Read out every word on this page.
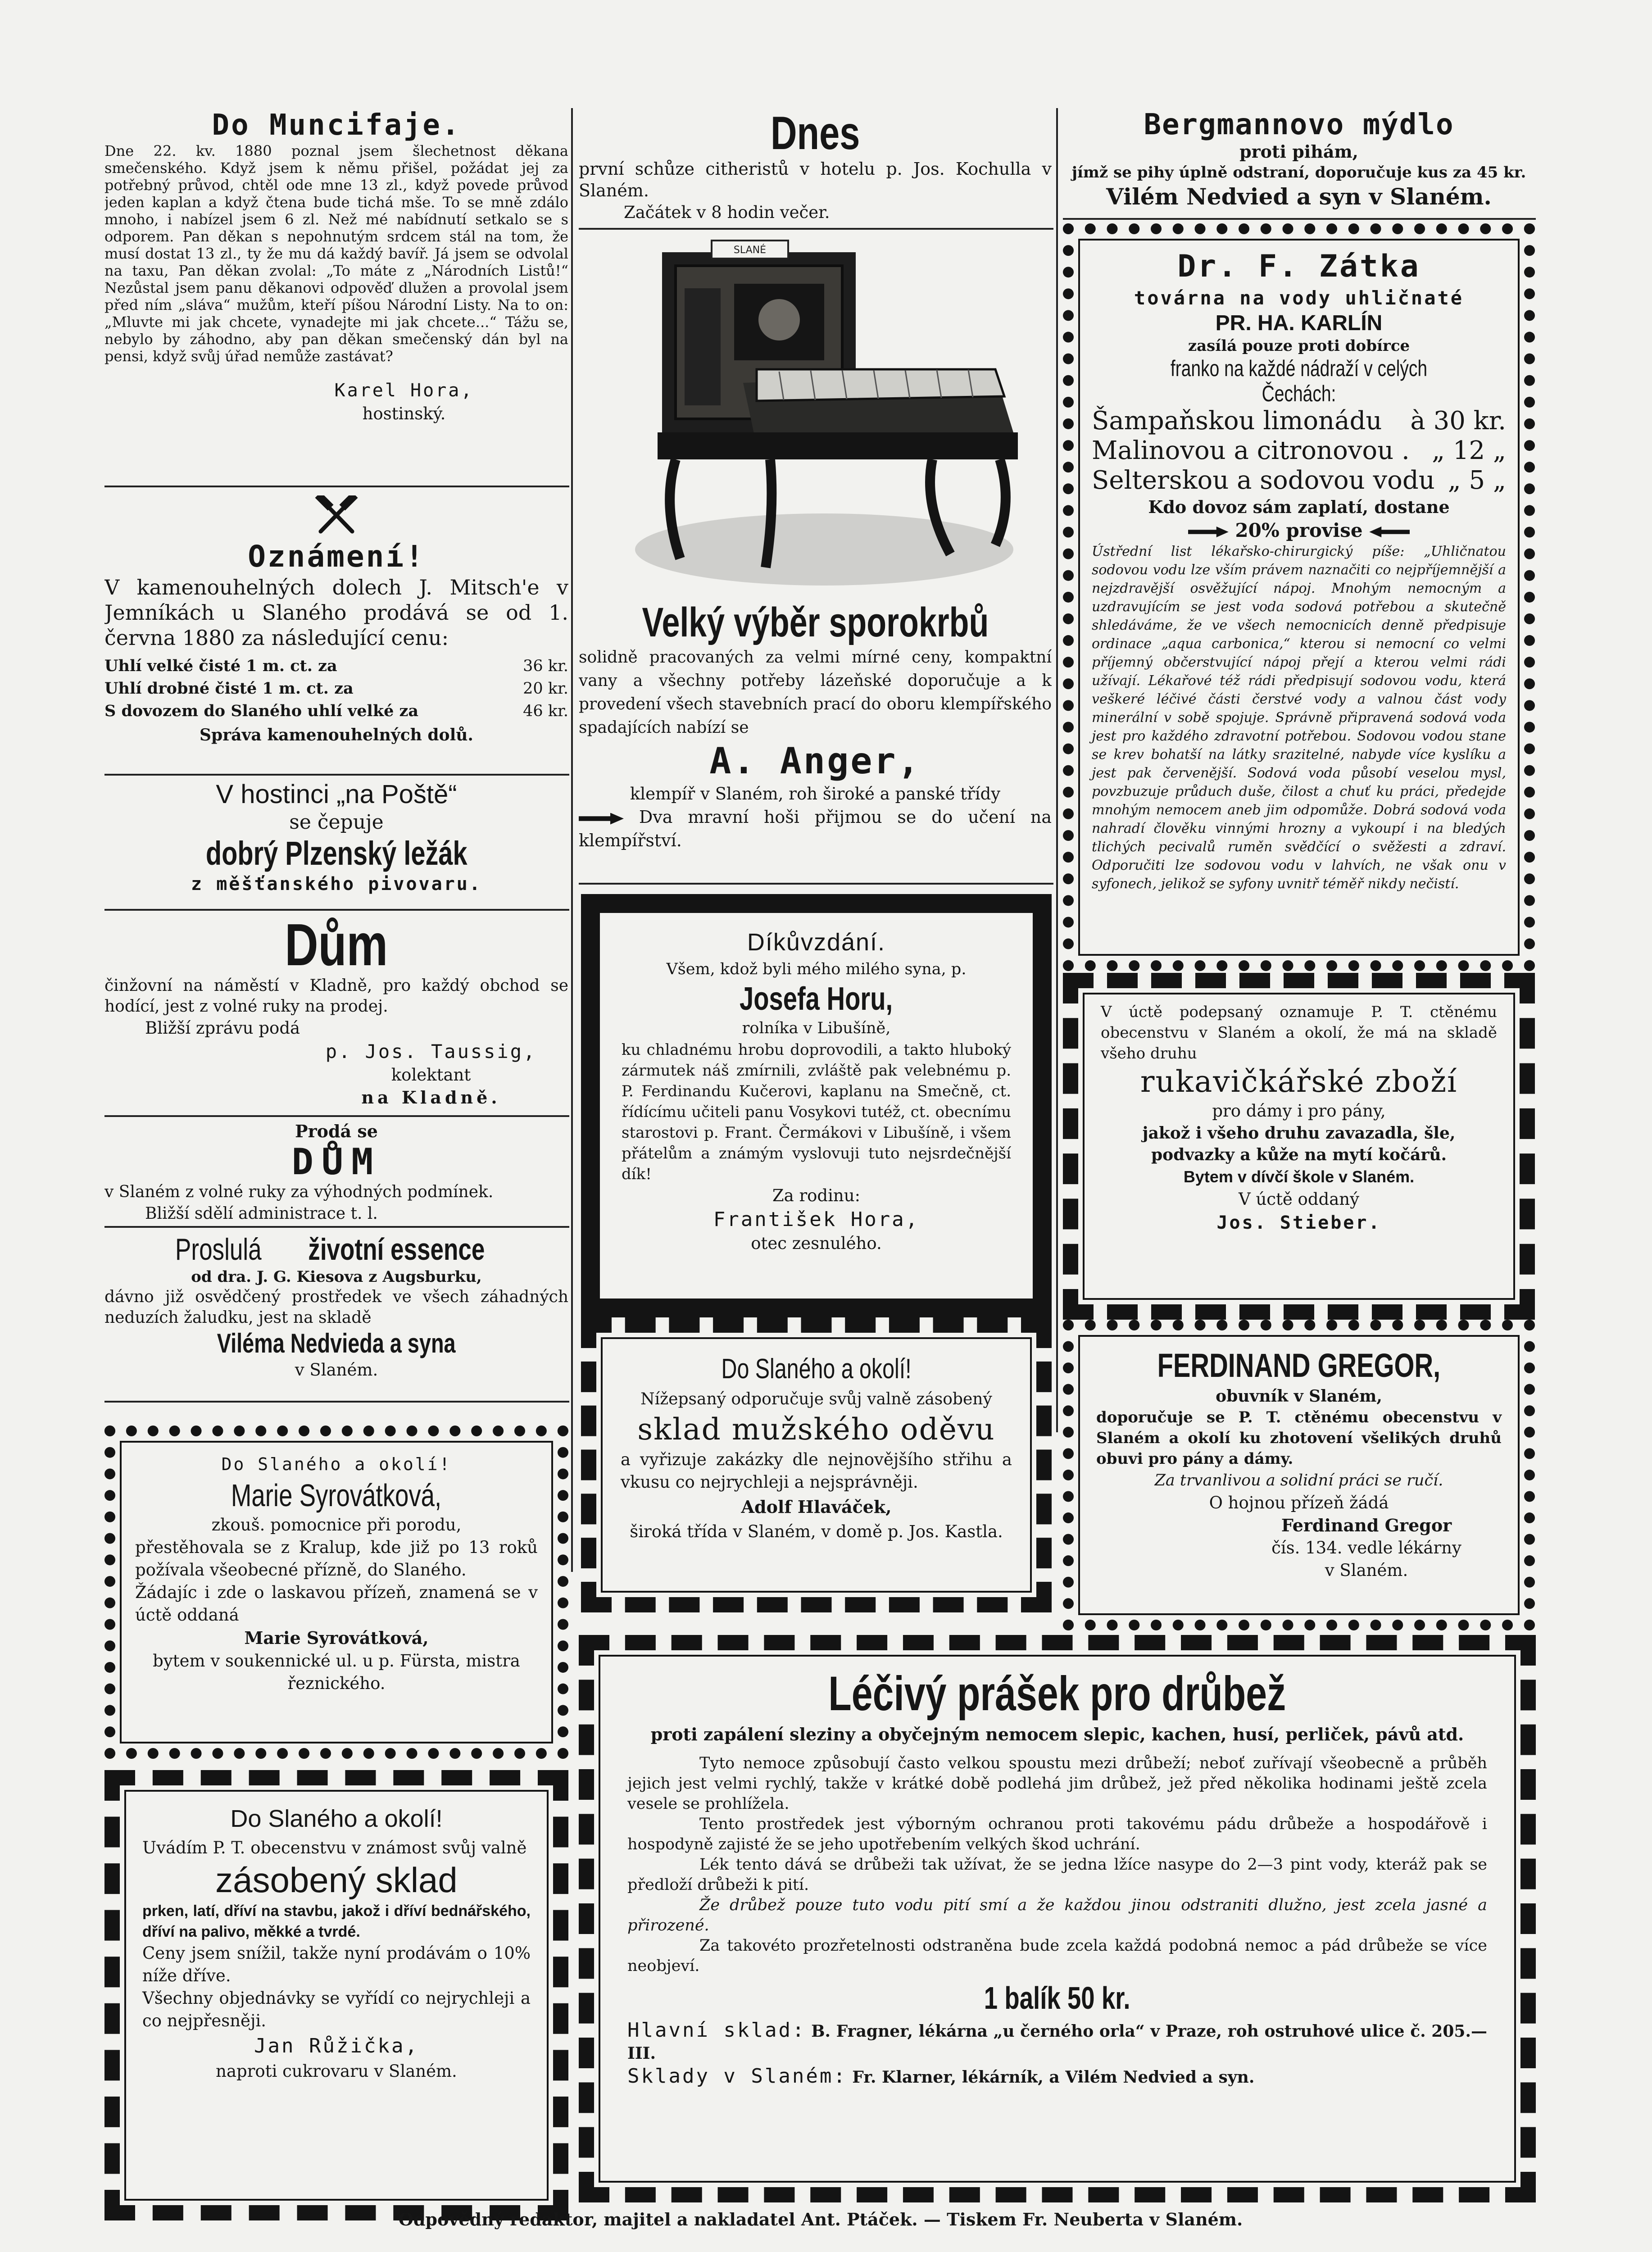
Do Muncifaje.
Dne 22. kv. 1880 poznal jsem šlechetnost děkana smečenského. Když jsem k němu přišel, požádat jej za potřebný průvod, chtěl ode mne 13 zl., když povede průvod jeden kaplan a když čtena bude tichá mše. To se mně zdálo mnoho, i nabízel jsem 6 zl. Než mé nabídnutí setkalo se s odporem. Pan děkan s nepohnutým srdcem stál na tom, že musí dostat 13 zl., ty že mu dá každý bavíř. Já jsem se odvolal na taxu, Pan děkan zvolal: „To máte z „Národních Listů!“ Nezůstal jsem panu děkanovi odpověď dlužen a provolal jsem před ním „sláva“ mužům, kteří píšou Národní Listy. Na to on: „Mluvte mi jak chcete, vynadejte mi jak chcete...“ Tážu se, nebylo by záhodno, aby pan děkan smečenský dán byl na pensi, když svůj úřad nemůže zastávat?
Karel Hora,
hostinský.
Oznámení!
V kamenouhelných dolech J. Mitsch'e v Jemníkách u Slaného prodává se od 1. června 1880 za následující cenu:
Uhlí velké čisté 1 m. ct. za	36 kr.
Uhlí drobné čisté 1 m. ct. za	20 kr.
S dovozem do Slaného uhlí velké za	46 kr.
Správa kamenouhelných dolů.
V hostinci „na Poště“
se čepuje
dobrý Plzenský ležák
z měšťanského pivovaru.
Dům
činžovní na náměstí v Kladně, pro každý obchod se hodící, jest z volné ruky na prodej.
Bližší zprávu podá
p. Jos. Taussig,
kolektant
na Kladně.
Prodá se
DŮM
v Slaném z volné ruky za výhodných podmínek.
Bližší sdělí administrace t. l.
Proslulá životní essence
od dra. J. G. Kiesova z Augsburku,
dávno již osvědčený prostředek ve všech záhadných neduzích žaludku, jest na skladě
Viléma Nedvieda a syna
v Slaném.
Do Slaného a okolí!
Marie Syrovátková,
zkouš. pomocnice při porodu,
přestěhovala se z Kralup, kde již po 13 roků požívala všeobecné přízně, do Slaného.
Žádajíc i zde o laskavou přízeň, znamená se v úctě oddaná
Marie Syrovátková,
bytem v soukennické ul. u p. Fürsta, mistra řeznického.
Do Slaného a okolí!
Uvádím P. T. obecenstvu v známost svůj valně
zásobený sklad
prken, latí, dříví na stavbu, jakož i dříví bednářského, dříví na palivo, měkké a tvrdé.
Ceny jsem snížil, takže nyní prodávám o 10% níže dříve.
Všechny objednávky se vyřídí co nejrychleji a co nejpřesněji.
Jan Růžička,
naproti cukrovaru v Slaném.
Dnes
první schůze citheristů v hotelu p. Jos. Kochulla v Slaném.
Začátek v 8 hodin večer.
SLANÉ
Velký výběr sporokrbů
solidně pracovaných za velmi mírné ceny, kompaktní vany a všechny potřeby lázeňské doporučuje a k provedení všech stavebních prací do oboru klempířského spadajících nabízí se
A. Anger,
klempíř v Slaném, roh široké a panské třídy
Dva mravní hoši přijmou se do učení na klempířství.
Díkůvzdání.
Všem, kdož byli mého milého syna, p.
Josefa Horu,
rolníka v Libušíně,
ku chladnému hrobu doprovodili, a takto hluboký zármutek náš zmírnili, zvláště pak velebnému p. P. Ferdinandu Kučerovi, kaplanu na Smečně, ct. řídícímu učiteli panu Vosykovi tutéž, ct. obecnímu starostovi p. Frant. Čermákovi v Libušíně, i všem přátelům a známým vyslovuji tuto nejsrdečnější dík!
Za rodinu:
František Hora,
otec zesnulého.
Do Slaného a okolí!
Nížepsaný odporučuje svůj valně zásobený
sklad mužského oděvu
a vyřizuje zakázky dle nejnovějšího střihu a vkusu co nejrychleji a nejsprávněji.
Adolf Hlaváček,
široká třída v Slaném, v domě p. Jos. Kastla.
Bergmannovo mýdlo
proti pihám,
jímž se pihy úplně odstraní, doporučuje kus za 45 kr.
Vilém Nedvied a syn v Slaném.
Dr. F. Zátka
továrna na vody uhličnaté
PR. HA. KARLÍN
zasílá pouze proti dobírce
franko na každé nádraží v celých Čechách:
Šampaňskou limonádu à 30 kr.
Malinovou a citronovou . „ 12 „
Selterskou a sodovou vodu „ 5 „
Kdo dovoz sám zaplatí, dostane
20% provise
Ústřední list lékařsko-chirurgický píše: „Uhličnatou sodovou vodu lze vším právem naznačiti co nejpříjemnější a nejzdravější osvěžující nápoj. Mnohým nemocným a uzdravujícím se jest voda sodová potřebou a skutečně shledáváme, že ve všech nemocnicích denně předpisuje ordinace „aqua carbonica,“ kterou si nemocní co velmi příjemný občerstvující nápoj přejí a kterou velmi rádi užívají. Lékařové též rádi předpisují sodovou vodu, která veškeré léčivé části čerstvé vody a valnou část vody minerální v sobě spojuje. Správně připravená sodová voda jest pro každého zdravotní potřebou. Sodovou vodou stane se krev bohatší na látky srazitelné, nabyde více kyslíku a jest pak červenější. Sodová voda působí veselou mysl, povzbuzuje průduch duše, čilost a chuť ku práci, předejde mnohým nemocem aneb jim odpomůže. Dobrá sodová voda nahradí člověku vinnými hrozny a vykoupí i na bledých tlichých pecivalů ruměn svědčící o svěžesti a zdraví. Odporučiti lze sodovou vodu v lahvích, ne však onu v syfonech, jelikož se syfony uvnitř téměř nikdy nečistí.
V úctě podepsaný oznamuje P. T. ctěnému obecenstvu v Slaném a okolí, že má na skladě všeho druhu
rukavičkářské zboží
pro dámy i pro pány,
jakož i všeho druhu zavazadla, šle, podvazky a kůže na mytí kočárů.
Bytem v dívčí škole v Slaném.
V úctě oddaný
Jos. Stieber.
FERDINAND GREGOR,
obuvník v Slaném,
doporučuje se P. T. ctěnému obecenstvu v Slaném a okolí ku zhotovení všelikých druhů obuvi pro pány a dámy.
Za trvanlivou a solidní práci se ručí.
O hojnou přízeň žádá
Ferdinand Gregor
čís. 134. vedle lékárny
v Slaném.
Léčivý prášek pro drůbež
proti zapálení sleziny a obyčejným nemocem slepic, kachen, husí, perliček, pávů atd.
Tyto nemoce způsobují často velkou spoustu mezi drůbeží; neboť zuřívají všeobecně a průběh jejich jest velmi rychlý, takže v krátké době podlehá jim drůbež, jež před několika hodinami ještě zcela vesele se prohlížela.
Tento prostředek jest výborným ochranou proti takovému pádu drůbeže a hospodářově i hospodyně zajisté že se jeho upotřebením velkých škod uchrání.
Lék tento dává se drůbeži tak užívat, že se jedna lžíce nasype do 2—3 pint vody, kteráž pak se předloží drůbeži k pití.
Že drůbež pouze tuto vodu pití smí a že každou jinou odstraniti dlužno, jest zcela jasné a přirozené.
Za takovéto prozřetelnosti odstraněna bude zcela každá podobná nemoc a pád drůbeže se více neobjeví.
1 balík 50 kr.
Hlavní sklad: B. Fragner, lékárna „u černého orla“ v Praze, roh ostruhové ulice č. 205.—III.
Sklady v Slaném: Fr. Klarner, lékárník, a Vilém Nedvied a syn.
Odpovědný redaktor, majitel a nakladatel Ant. Ptáček. — Tiskem Fr. Neuberta v Slaném.
